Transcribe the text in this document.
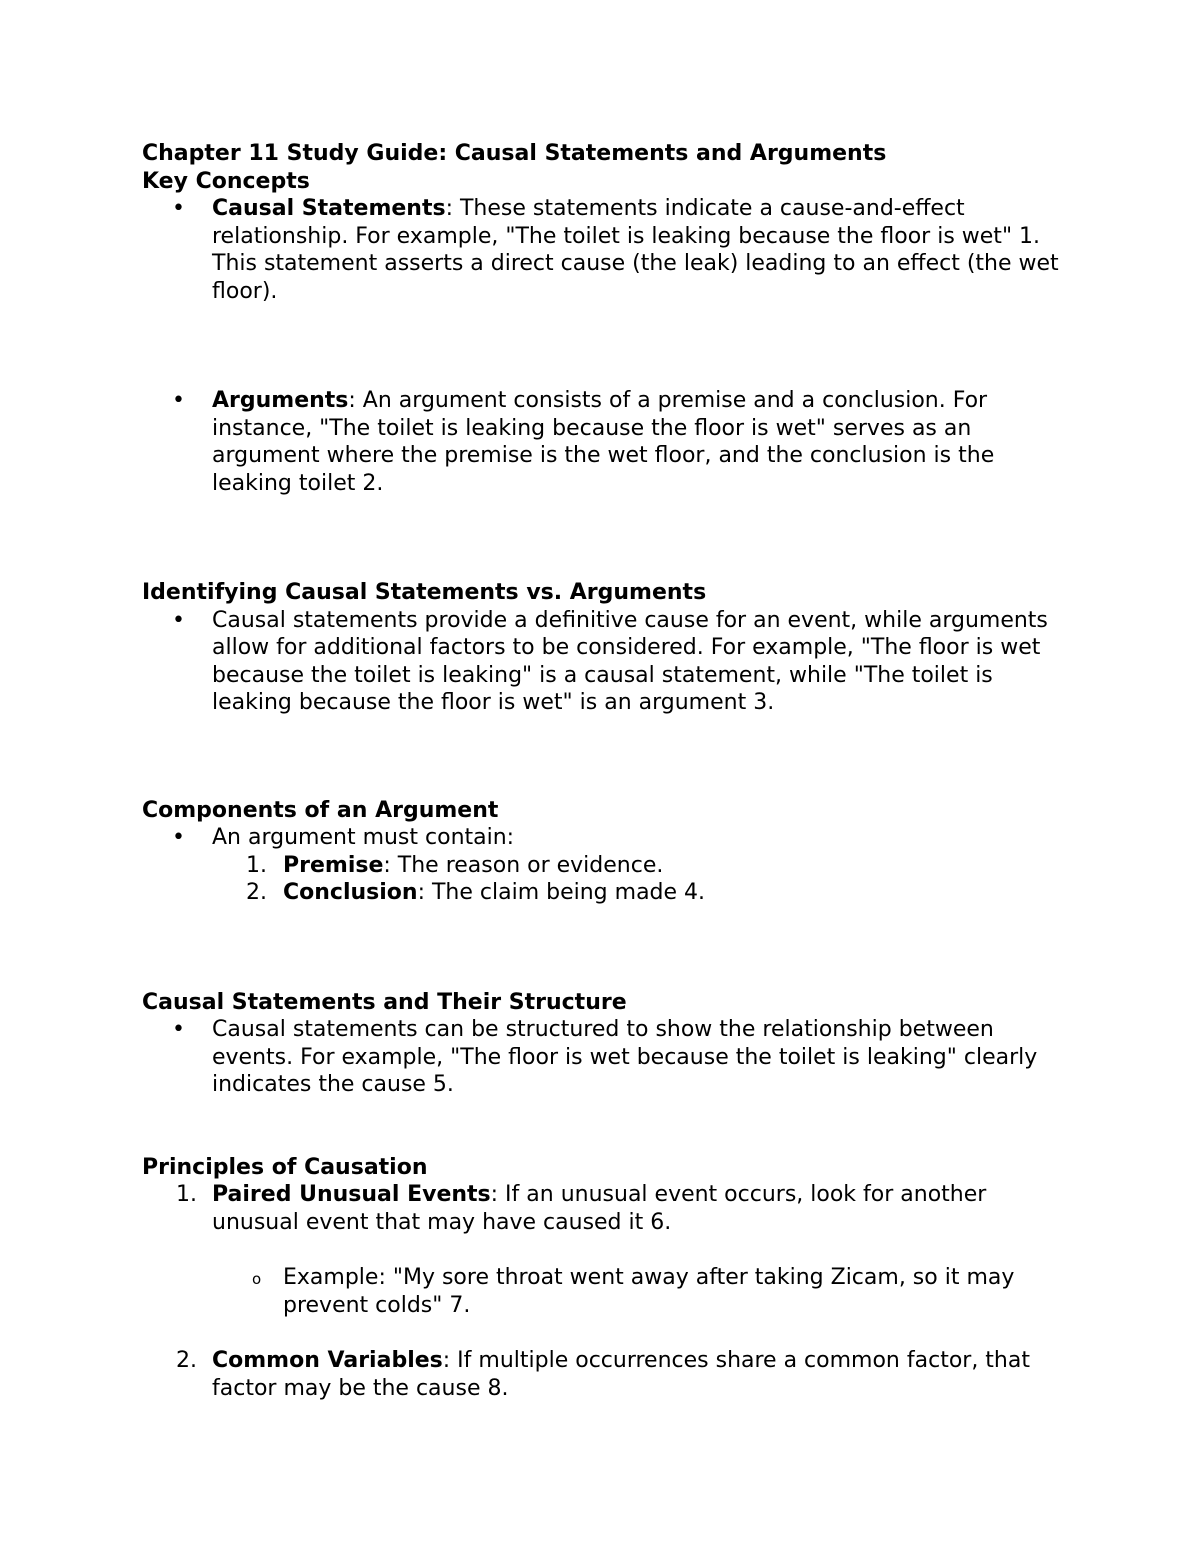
Chapter 11 Study Guide: Causal Statements and Arguments

Key Concepts

• Causal Statements: These statements indicate a cause-and-effect relationship. For example, "The toilet is leaking because the floor is wet" 1. This statement asserts a direct cause (the leak) leading to an effect (the wet floor).
• Arguments: An argument consists of a premise and a conclusion. For instance, "The toilet is leaking because the floor is wet" serves as an argument where the premise is the wet floor, and the conclusion is the leaking toilet 2.

Identifying Causal Statements vs. Arguments

• Causal statements provide a definitive cause for an event, while arguments allow for additional factors to be considered. For example, "The floor is wet because the toilet is leaking" is a causal statement, while "The toilet is leaking because the floor is wet" is an argument 3.

Components of an Argument

• An argument must contain:
1. Premise: The reason or evidence.
2. Conclusion: The claim being made 4.

Causal Statements and Their Structure

• Causal statements can be structured to show the relationship between events. For example, "The floor is wet because the toilet is leaking" clearly indicates the cause 5.

Principles of Causation

1. Paired Unusual Events: If an unusual event occurs, look for another unusual event that may have caused it 6.
o Example: "My sore throat went away after taking Zicam, so it may prevent colds" 7.
2. Common Variables: If multiple occurrences share a common factor, that factor may be the cause 8.
